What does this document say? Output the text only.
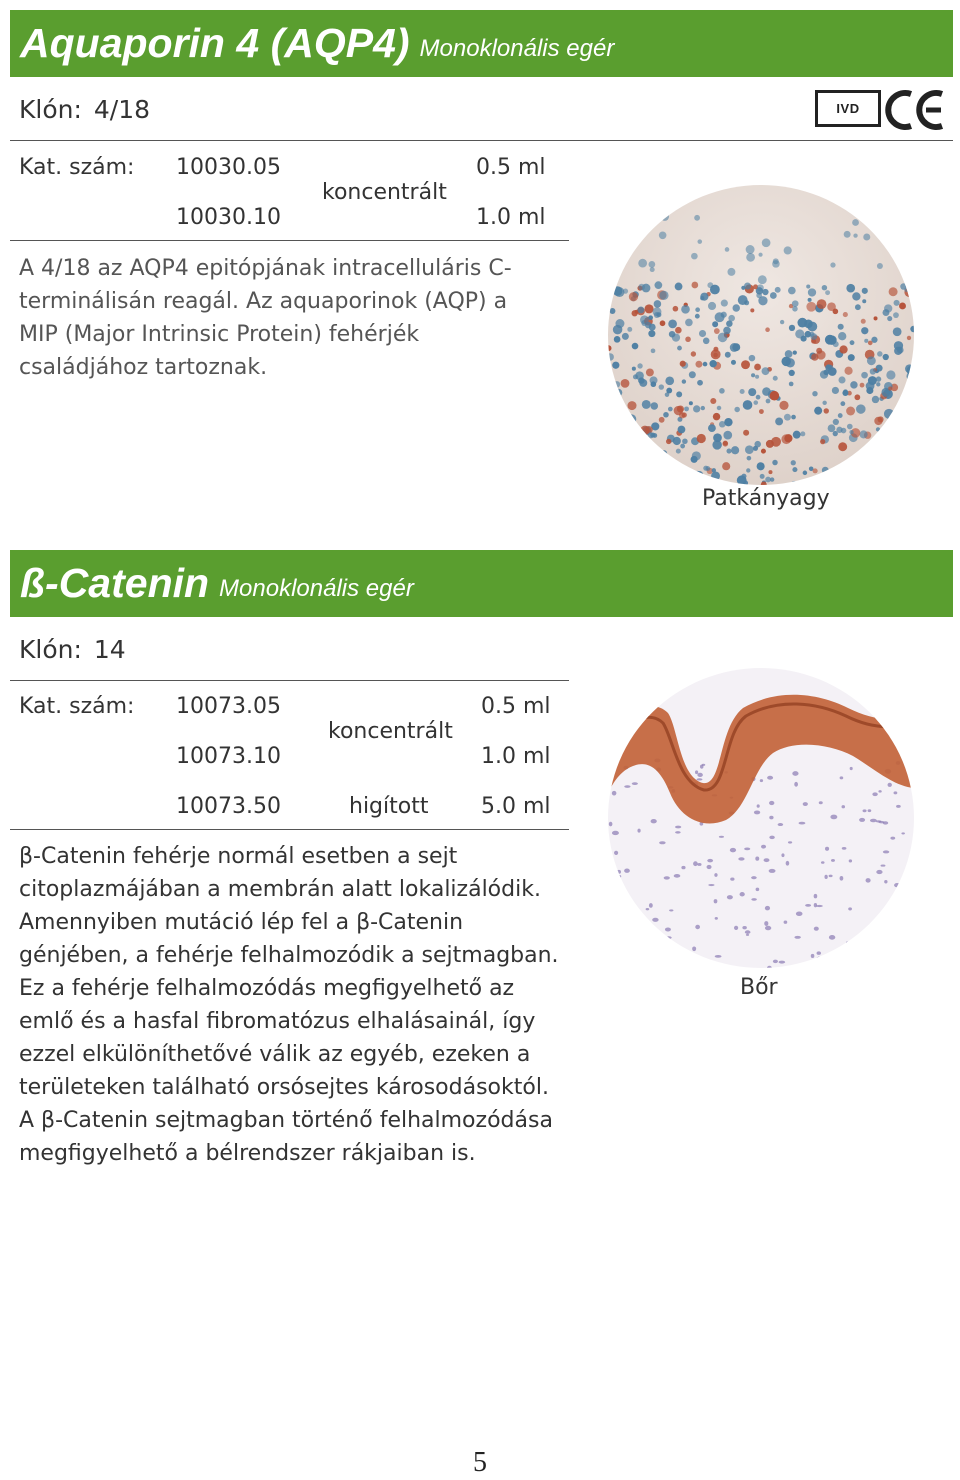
Aquaporin 4 (AQP4) Monoklonális egér
Klón: 4/18	IVD
Kat. szám: 10030.05	0.5 ml
koncentrált
10030.10	1.0 ml
A 4/18 az AQP4 epitópjának intracelluláris C-terminálisán reagál. Az aquaporinok (AQP) a MIP (Major Intrinsic Protein) fehérjék családjához tartoznak.
Patkányagy
ß-Catenin Monoklonális egér
Klón: 14
Kat. szám: 10073.05	0.5 ml
koncentrált
10073.10	1.0 ml
10073.50	higított 5.0 ml
β-Catenin fehérje normál esetben a sejt citoplazmájában a membrán alatt lokalizálódik. Amennyiben mutáció lép fel a β-Catenin génjében, a fehérje felhalmozódik a sejtmagban. Ez a fehérje felhalmozódás megfigyelhető az emlő és a hasfal fibromatózus elhalásainál, így ezzel elkülöníthetővé válik az egyéb, ezeken a területeken található orsósejtes károsodásoktól. A β-Catenin sejtmagban történő felhalmozódása megfigyelhető a bélrendszer rákjaiban is.
Bőr
5
